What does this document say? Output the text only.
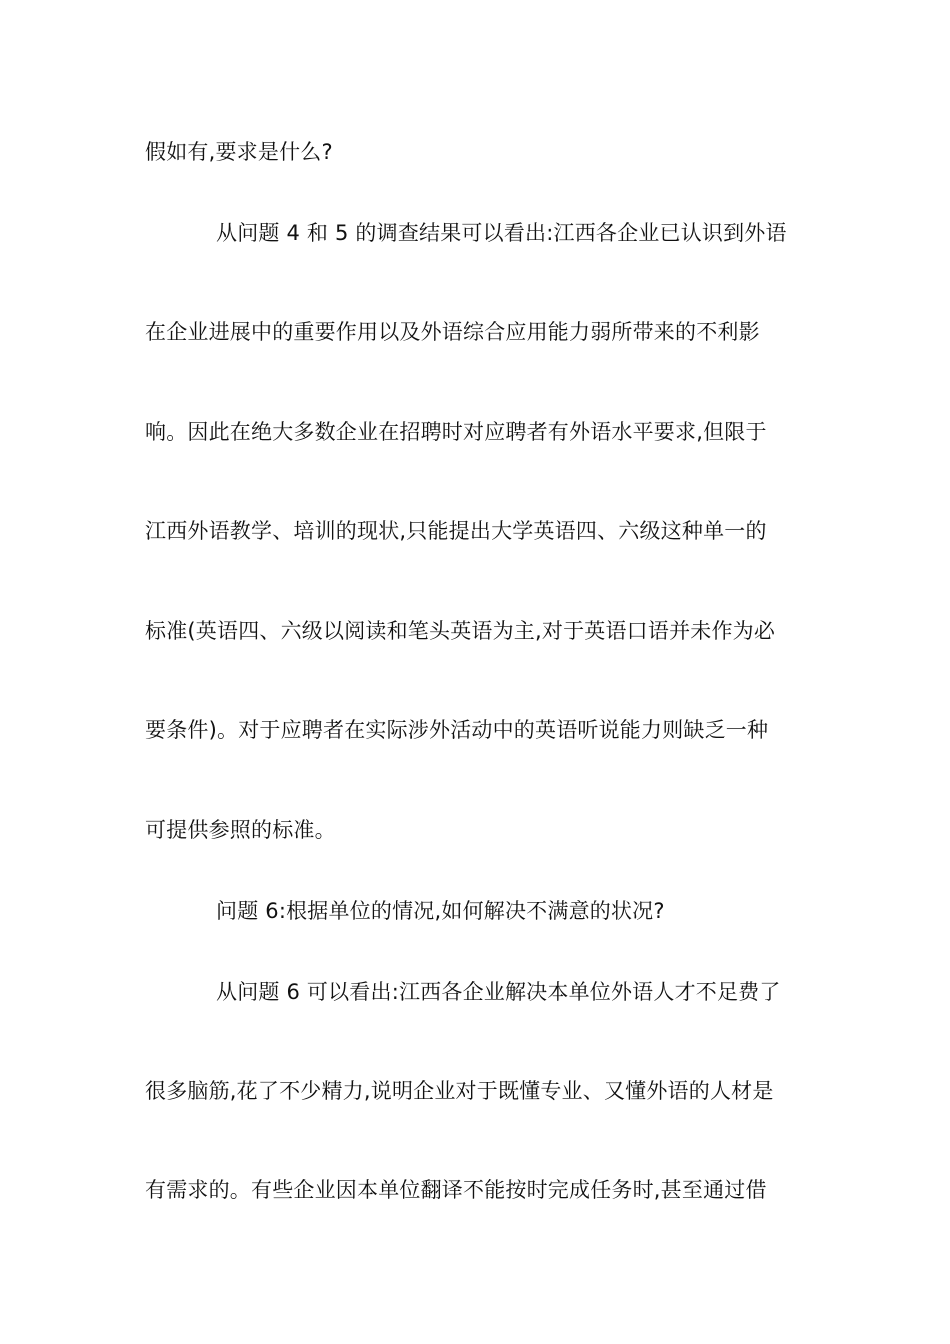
假如有,要求是什么?
从问题 4 和 5 的调查结果可以看出:江西各企业已认识到外语
在企业进展中的重要作用以及外语综合应用能力弱所带来的不利影
响。因此在绝大多数企业在招聘时对应聘者有外语水平要求,但限于
江西外语教学、培训的现状,只能提出大学英语四、六级这种单一的
标准(英语四、六级以阅读和笔头英语为主,对于英语口语并未作为必
要条件)。对于应聘者在实际涉外活动中的英语听说能力则缺乏一种
可提供参照的标准。
问题 6:根据单位的情况,如何解决不满意的状况?
从问题 6 可以看出:江西各企业解决本单位外语人才不足费了
很多脑筋,花了不少精力,说明企业对于既懂专业、又懂外语的人材是
有需求的。有些企业因本单位翻译不能按时完成任务时,甚至通过借
